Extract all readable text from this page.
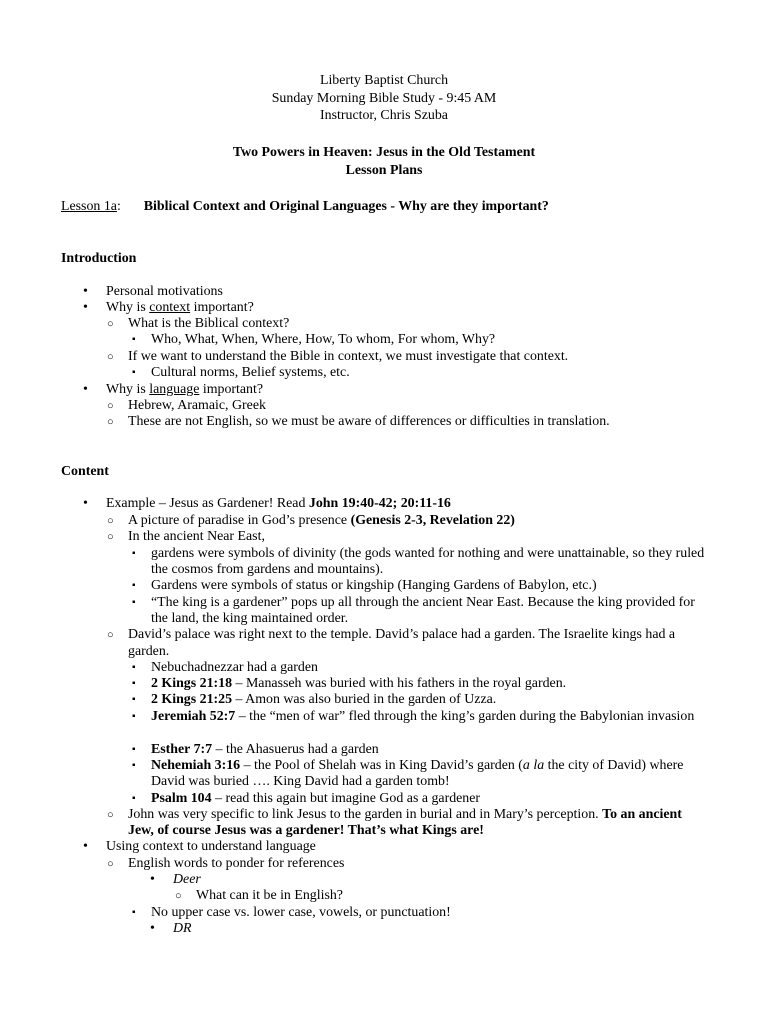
Liberty Baptist Church
Sunday Morning Bible Study - 9:45 AM
Instructor, Chris Szuba
Two Powers in Heaven: Jesus in the Old Testament
Lesson Plans
Lesson 1a: Biblical Context and Original Languages - Why are they important?
Introduction
• Personal motivations
• Why is context important?
○ What is the Biblical context?
▪ Who, What, When, Where, How, To whom, For whom, Why?
○ If we want to understand the Bible in context, we must investigate that context.
▪ Cultural norms, Belief systems, etc.
• Why is language important?
○ Hebrew, Aramaic, Greek
○ These are not English, so we must be aware of differences or difficulties in translation.
Content
• Example – Jesus as Gardener! Read John 19:40-42; 20:11-16
○ A picture of paradise in God’s presence (Genesis 2-3, Revelation 22)
○ In the ancient Near East,
▪ gardens were symbols of divinity (the gods wanted for nothing and were unattainable, so they ruled
the cosmos from gardens and mountains).
▪ Gardens were symbols of status or kingship (Hanging Gardens of Babylon, etc.)
▪ “The king is a gardener” pops up all through the ancient Near East. Because the king provided for
the land, the king maintained order.
○ David’s palace was right next to the temple. David’s palace had a garden. The Israelite kings had a
garden.
▪ Nebuchadnezzar had a garden
▪ 2 Kings 21:18 – Manasseh was buried with his fathers in the royal garden.
▪ 2 Kings 21:25 – Amon was also buried in the garden of Uzza.
▪ Jeremiah 52:7 – the “men of war” fled through the king’s garden during the Babylonian invasion
▪ Esther 7:7 – the Ahasuerus had a garden
▪ Nehemiah 3:16 – the Pool of Shelah was in King David’s garden (a la the city of David) where
David was buried …. King David had a garden tomb!
▪ Psalm 104 – read this again but imagine God as a gardener
○ John was very specific to link Jesus to the garden in burial and in Mary’s perception. To an ancient
Jew, of course Jesus was a gardener! That’s what Kings are!
• Using context to understand language
○ English words to ponder for references
• Deer
○ What can it be in English?
▪ No upper case vs. lower case, vowels, or punctuation!
• DR
